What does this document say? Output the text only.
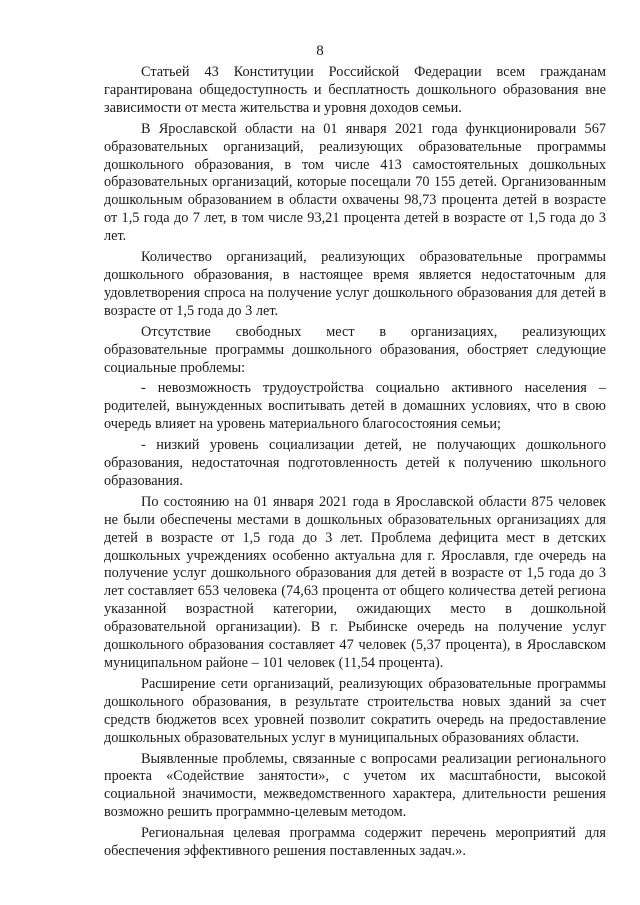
8

Статьей 43 Конституции Российской Федерации всем гражданам гарантирована общедоступность и бесплатность дошкольного образования вне зависимости от места жительства и уровня доходов семьи.

В Ярославской области на 01 января 2021 года функционировали 567 образовательных организаций, реализующих образовательные программы дошкольного образования, в том числе 413 самостоятельных дошкольных образовательных организаций, которые посещали 70 155 детей. Организованным дошкольным образованием в области охвачены 98,73 процента детей в возрасте от 1,5 года до 7 лет, в том числе 93,21 процента детей в возрасте от 1,5 года до 3 лет.

Количество организаций, реализующих образовательные программы дошкольного образования, в настоящее время является недостаточным для удовлетворения спроса на получение услуг дошкольного образования для детей в возрасте от 1,5 года до 3 лет.

Отсутствие свободных мест в организациях, реализующих образовательные программы дошкольного образования, обостряет следующие социальные проблемы:

- невозможность трудоустройства социально активного населения – родителей, вынужденных воспитывать детей в домашних условиях, что в свою очередь влияет на уровень материального благосостояния семьи;

- низкий уровень социализации детей, не получающих дошкольного образования, недостаточная подготовленность детей к получению школьного образования.

По состоянию на 01 января 2021 года в Ярославской области 875 человек не были обеспечены местами в дошкольных образовательных организациях для детей в возрасте от 1,5 года до 3 лет. Проблема дефицита мест в детских дошкольных учреждениях особенно актуальна для г. Ярославля, где очередь на получение услуг дошкольного образования для детей в возрасте от 1,5 года до 3 лет составляет 653 человека (74,63 процента от общего количества детей региона указанной возрастной категории, ожидающих место в дошкольной образовательной организации). В г. Рыбинске очередь на получение услуг дошкольного образования составляет 47 человек (5,37 процента), в Ярославском муниципальном районе – 101 человек (11,54 процента).

Расширение сети организаций, реализующих образовательные программы дошкольного образования, в результате строительства новых зданий за счет средств бюджетов всех уровней позволит сократить очередь на предоставление дошкольных образовательных услуг в муниципальных образованиях области.

Выявленные проблемы, связанные с вопросами реализации регионального проекта «Содействие занятости», с учетом их масштабности, высокой социальной значимости, межведомственного характера, длительности решения возможно решить программно-целевым методом.

Региональная целевая программа содержит перечень мероприятий для обеспечения эффективного решения поставленных задач.».
